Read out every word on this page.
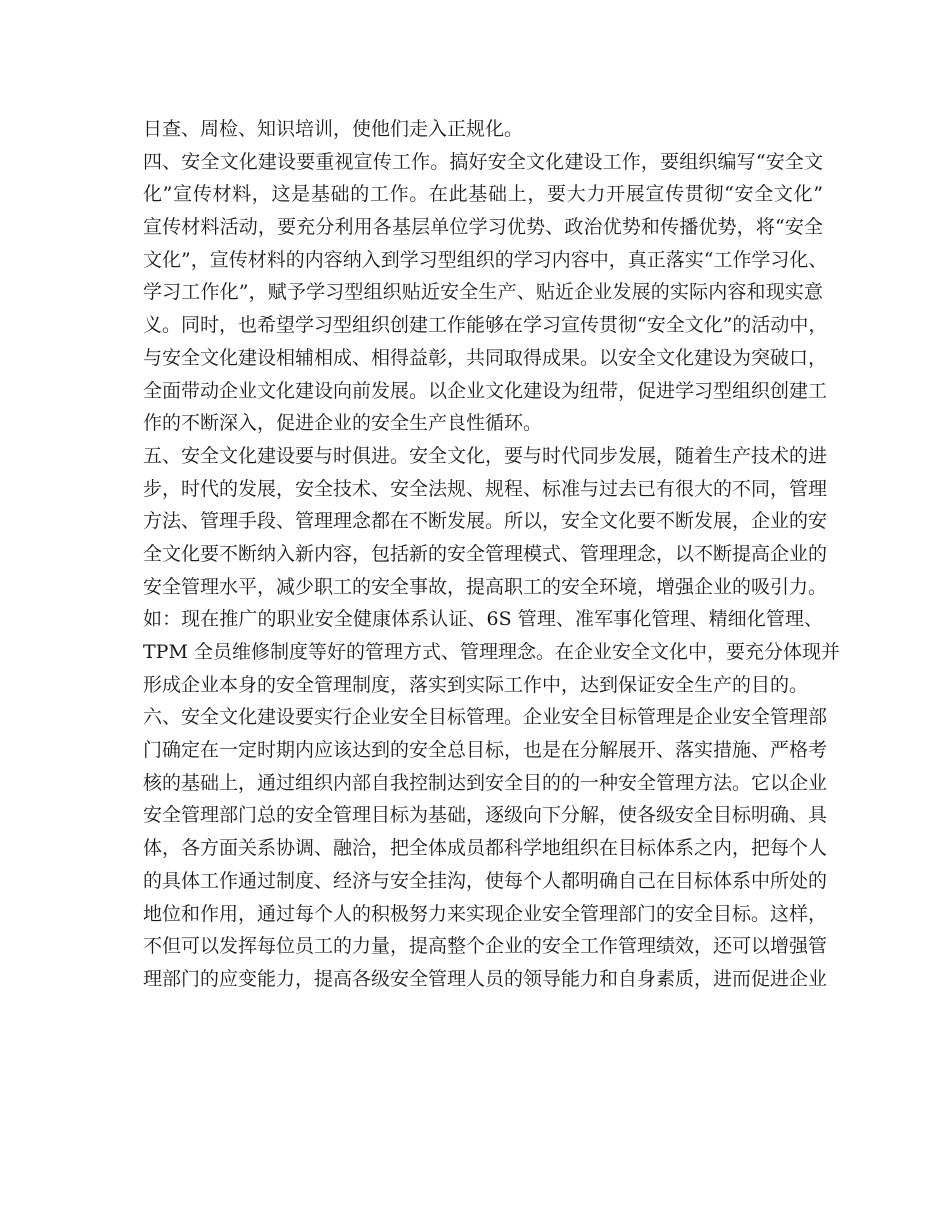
日查、周检、知识培训，使他们走入正规化。
四、安全文化建设要重视宣传工作。搞好安全文化建设工作，要组织编写“安全文
化”宣传材料，这是基础的工作。在此基础上，要大力开展宣传贯彻“安全文化”
宣传材料活动，要充分利用各基层单位学习优势、政治优势和传播优势，将“安全
文化”，宣传材料的内容纳入到学习型组织的学习内容中，真正落实“工作学习化、
学习工作化”，赋予学习型组织贴近安全生产、贴近企业发展的实际内容和现实意
义。同时，也希望学习型组织创建工作能够在学习宣传贯彻“安全文化”的活动中，
与安全文化建设相辅相成、相得益彰，共同取得成果。以安全文化建设为突破口，
全面带动企业文化建设向前发展。以企业文化建设为纽带，促进学习型组织创建工
作的不断深入，促进企业的安全生产良性循环。
五、安全文化建设要与时俱进。安全文化，要与时代同步发展，随着生产技术的进
步，时代的发展，安全技术、安全法规、规程、标准与过去已有很大的不同，管理
方法、管理手段、管理理念都在不断发展。所以，安全文化要不断发展，企业的安
全文化要不断纳入新内容，包括新的安全管理模式、管理理念，以不断提高企业的
安全管理水平，减少职工的安全事故，提高职工的安全环境，增强企业的吸引力。
如：现在推广的职业安全健康体系认证、6S 管理、准军事化管理、精细化管理、
TPM 全员维修制度等好的管理方式、管理理念。在企业安全文化中，要充分体现并
形成企业本身的安全管理制度，落实到实际工作中，达到保证安全生产的目的。
六、安全文化建设要实行企业安全目标管理。企业安全目标管理是企业安全管理部
门确定在一定时期内应该达到的安全总目标，也是在分解展开、落实措施、严格考
核的基础上，通过组织内部自我控制达到安全目的的一种安全管理方法。它以企业
安全管理部门总的安全管理目标为基础，逐级向下分解，使各级安全目标明确、具
体，各方面关系协调、融洽，把全体成员都科学地组织在目标体系之内，把每个人
的具体工作通过制度、经济与安全挂沟，使每个人都明确自己在目标体系中所处的
地位和作用，通过每个人的积极努力来实现企业安全管理部门的安全目标。这样，
不但可以发挥每位员工的力量，提高整个企业的安全工作管理绩效，还可以增强管
理部门的应变能力，提高各级安全管理人员的领导能力和自身素质，进而促进企业
